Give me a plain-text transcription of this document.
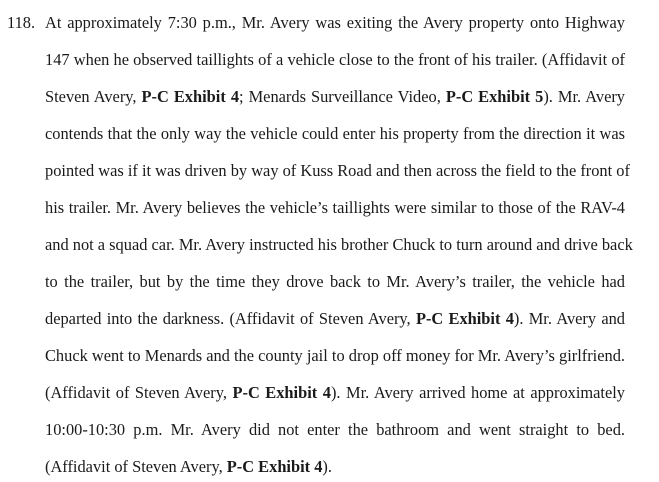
118. At approximately 7:30 p.m., Mr. Avery was exiting the Avery property onto Highway
147 when he observed taillights of a vehicle close to the front of his trailer. (Affidavit of
Steven Avery, P-C Exhibit 4; Menards Surveillance Video, P-C Exhibit 5). Mr. Avery
contends that the only way the vehicle could enter his property from the direction it was
pointed was if it was driven by way of Kuss Road and then across the field to the front of
his trailer. Mr. Avery believes the vehicle’s taillights were similar to those of the RAV-4
and not a squad car. Mr. Avery instructed his brother Chuck to turn around and drive back
to the trailer, but by the time they drove back to Mr. Avery’s trailer, the vehicle had
departed into the darkness. (Affidavit of Steven Avery, P-C Exhibit 4). Mr. Avery and
Chuck went to Menards and the county jail to drop off money for Mr. Avery’s girlfriend.
(Affidavit of Steven Avery, P-C Exhibit 4). Mr. Avery arrived home at approximately
10:00-10:30 p.m. Mr. Avery did not enter the bathroom and went straight to bed.
(Affidavit of Steven Avery, P-C Exhibit 4).
